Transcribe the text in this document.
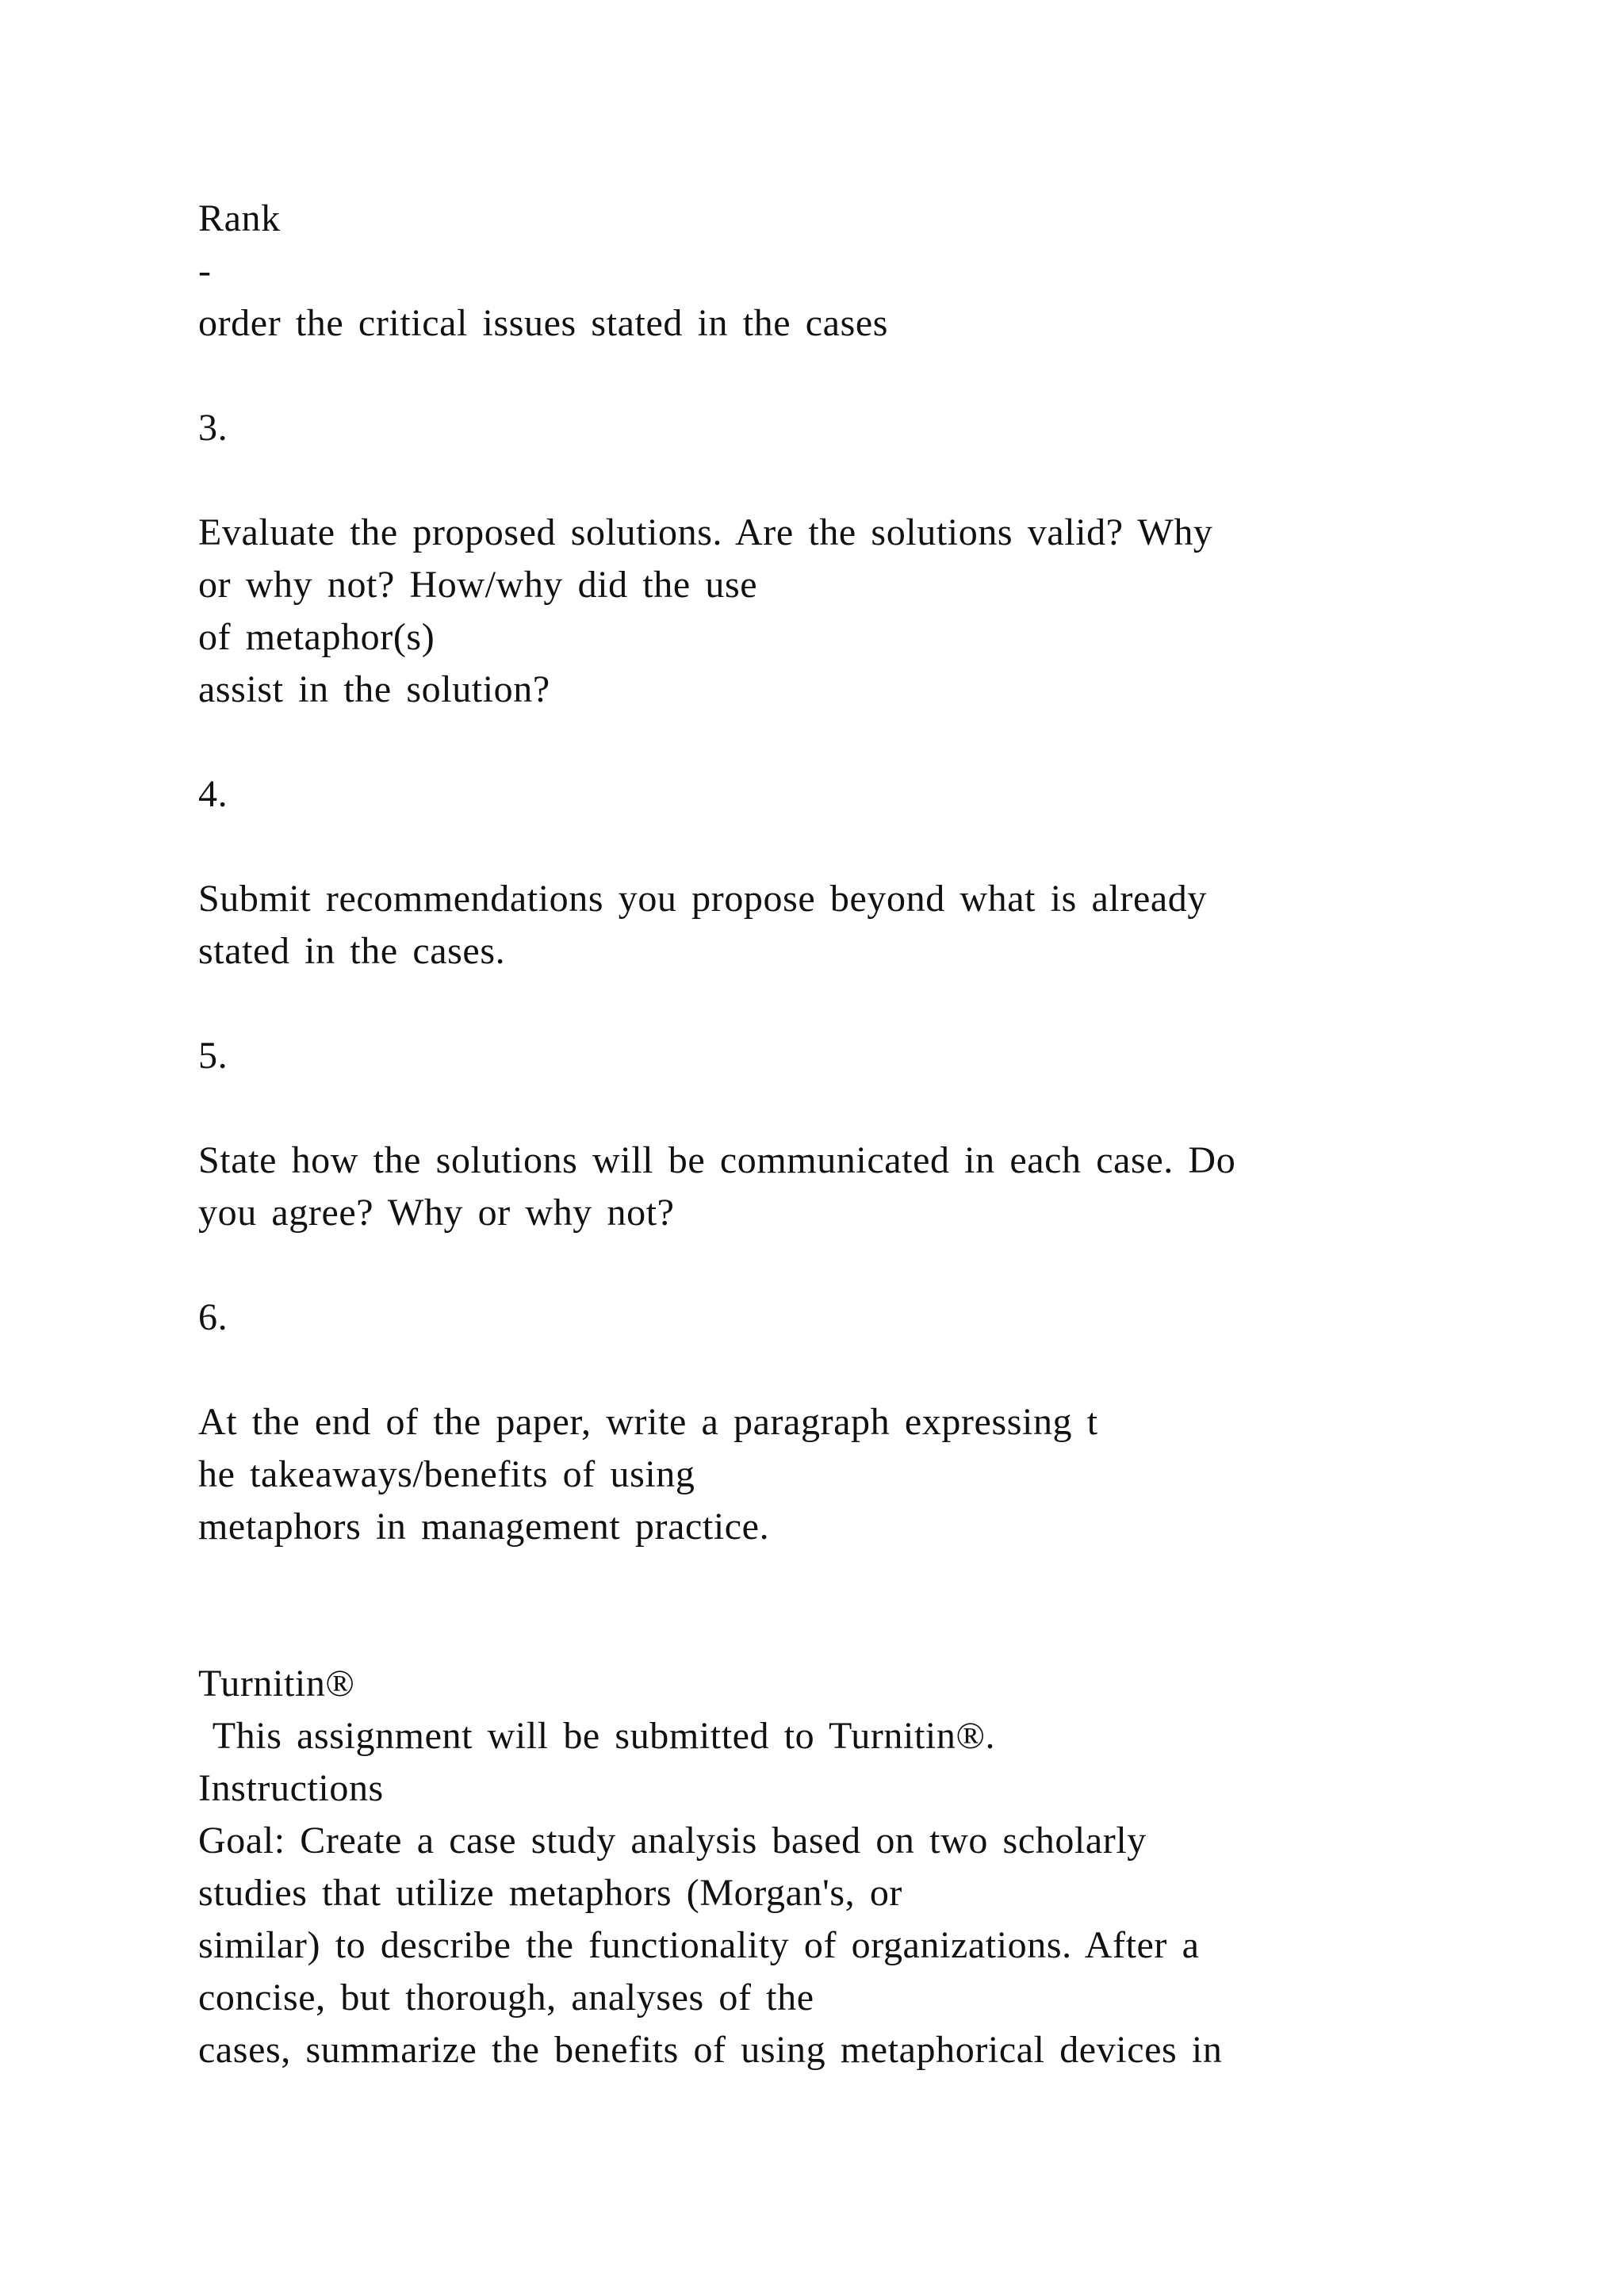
Rank

-

order the critical issues stated in the cases

3.

Evaluate the proposed solutions. Are the solutions valid? Why

or why not? How/why did the use

of metaphor(s)

assist in the solution?

4.

Submit recommendations you propose beyond what is already

stated in the cases.

5.

State how the solutions will be communicated in each case. Do

you agree? Why or why not?

6.

At the end of the paper, write a paragraph expressing t

he takeaways/benefits of using

metaphors in management practice.

Turnitin®

This assignment will be submitted to Turnitin®.

Instructions

Goal: Create a case study analysis based on two scholarly

studies that utilize metaphors (Morgan's, or

similar) to describe the functionality of organizations. After a

concise, but thorough, analyses of the

cases, summarize the benefits of using metaphorical devices in
